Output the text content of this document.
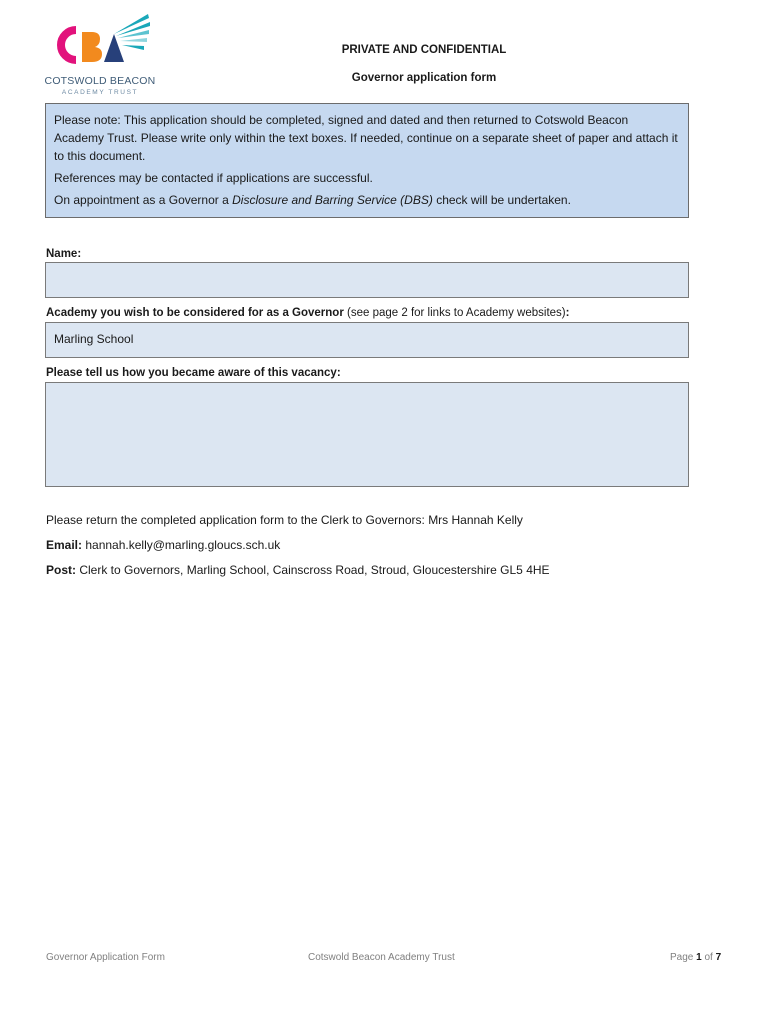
COTSWOLD BEACON
ACADEMY TRUST
PRIVATE AND CONFIDENTIAL
Governor application form

Please note: This application should be completed, signed and dated and then returned to Cotswold Beacon Academy Trust. Please write only within the text boxes. If needed, continue on a separate sheet of paper and attach it to this document.

References may be contacted if applications are successful.

On appointment as a Governor a Disclosure and Barring Service (DBS) check will be undertaken.

Name:
Academy you wish to be considered for as a Governor (see page 2 for links to Academy websites):
Marling School
Please tell us how you became aware of this vacancy:
Please return the completed application form to the Clerk to Governors: Mrs Hannah Kelly
Email: hannah.kelly@marling.gloucs.sch.uk
Post: Clerk to Governors, Marling School, Cainscross Road, Stroud, Gloucestershire GL5 4HE
Governor Application Form	Cotswold Beacon Academy Trust	Page 1 of 7
